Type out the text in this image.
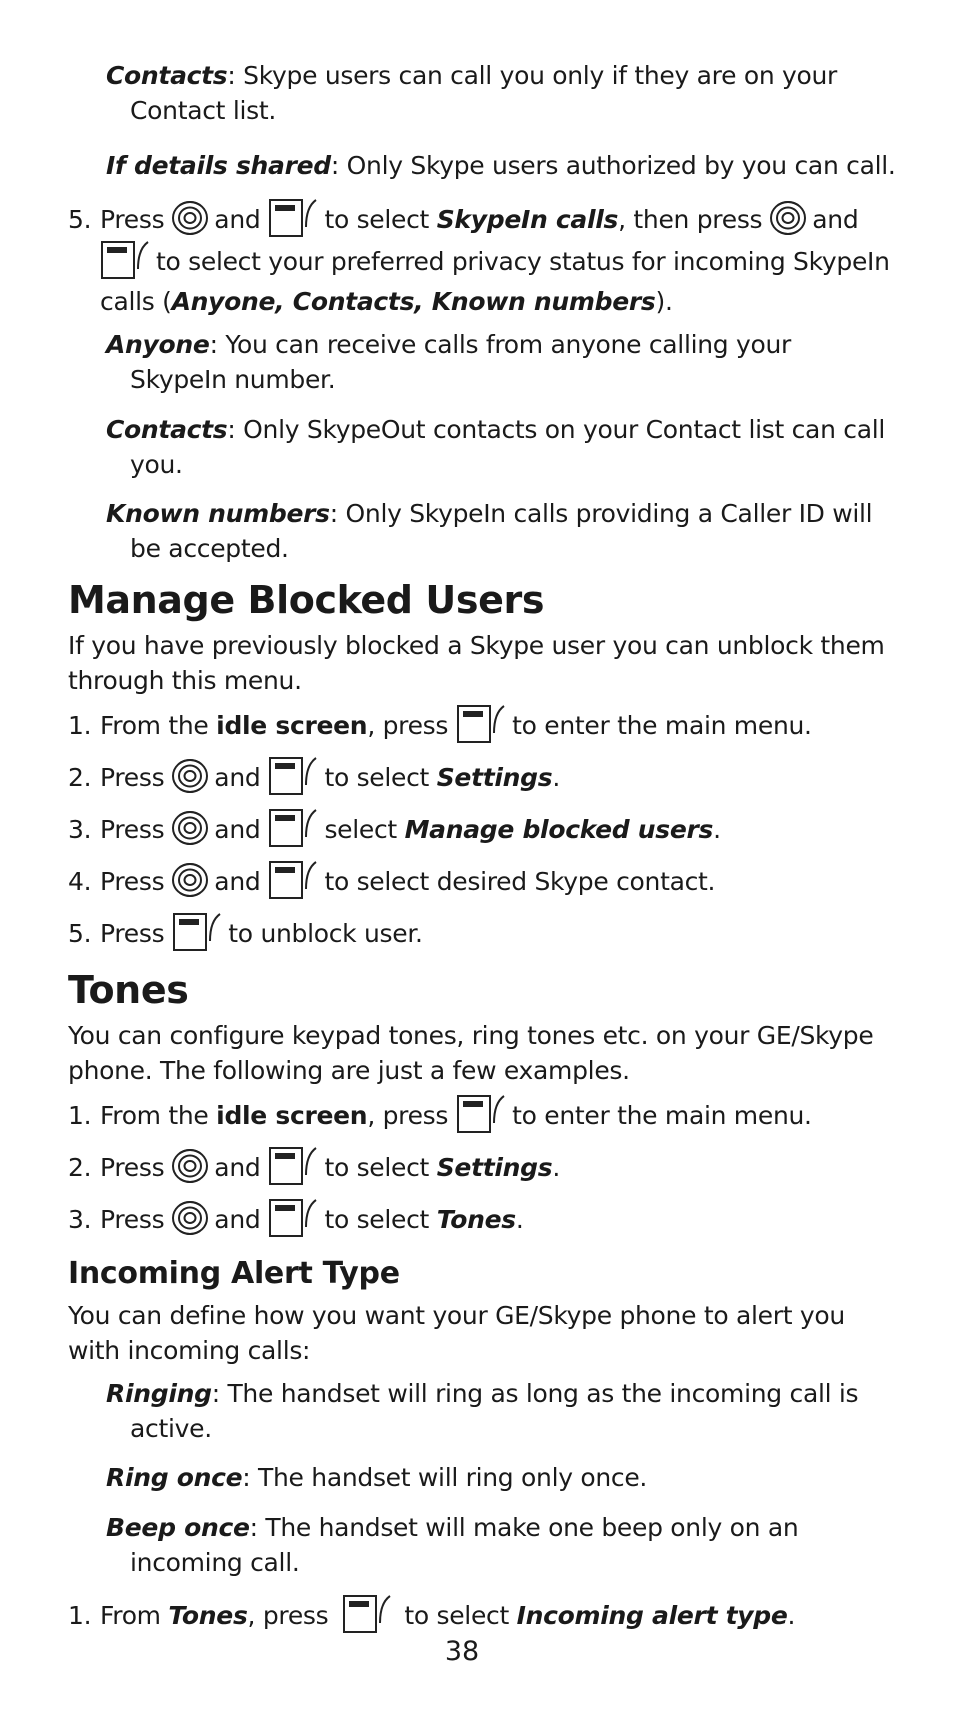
Contacts: Skype users can call you only if they are on your
Contact list.
If details shared: Only Skype users authorized by you can call.
5. Press and	to select SkypeIn calls, then press and
to select your preferred privacy status for incoming SkypeIn
calls (Anyone, Contacts, Known numbers).
Anyone: You can receive calls from anyone calling your
SkypeIn number.
Contacts: Only SkypeOut contacts on your Contact list can call
you.
Known numbers: Only SkypeIn calls providing a Caller ID will
be accepted.
Manage Blocked Users
If you have previously blocked a Skype user you can unblock them
through this menu.
1. From the idle screen, press	to enter the main menu.
2. Press and	to select Settings.
3. Press and	select Manage blocked users.
4. Press and	to select desired Skype contact.
5. Press	to unblock user.
Tones
You can configure keypad tones, ring tones etc. on your GE/Skype
phone. The following are just a few examples.
1. From the idle screen, press	to enter the main menu.
2. Press and	to select Settings.
3. Press and	to select Tones.
Incoming Alert Type
You can define how you want your GE/Skype phone to alert you
with incoming calls:
Ringing: The handset will ring as long as the incoming call is
active.
Ring once: The handset will ring only once.
Beep once: The handset will make one beep only on an
incoming call.
1. From Tones, press	to select Incoming alert type.
38
